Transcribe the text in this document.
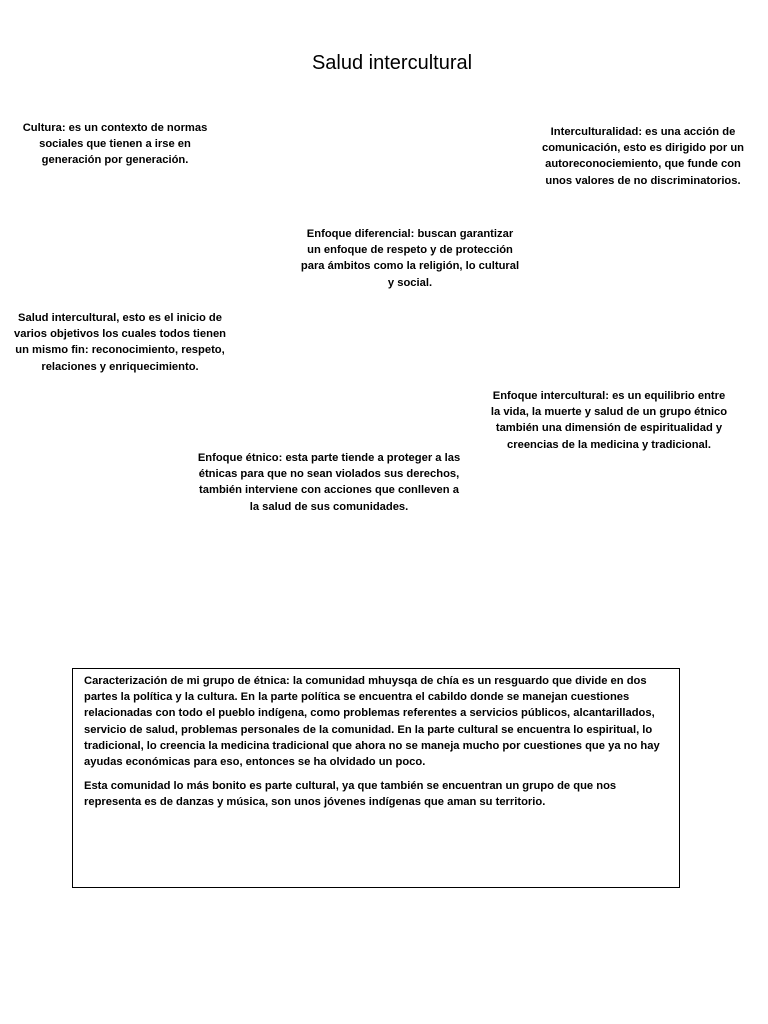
Salud intercultural

Cultura: es un contexto de normas sociales que tienen a irse en generación por generación.

Interculturalidad: es una acción de comunicación, esto es dirigido por un autoreconociemiento, que funde con unos valores de no discriminatorios.

Enfoque diferencial: buscan garantizar un enfoque de respeto y de protección para ámbitos como la religión, lo cultural y social.

Salud intercultural, esto es el inicio de varios objetivos los cuales todos tienen un mismo fin: reconocimiento, respeto, relaciones y enriquecimiento.

Enfoque intercultural: es un equilibrio entre la vida, la muerte y salud de un grupo étnico también una dimensión de espiritualidad y creencias de la medicina y tradicional.

Enfoque étnico: esta parte tiende a proteger a las étnicas para que no sean violados sus derechos, también interviene con acciones que conlleven a la salud de sus comunidades.

Caracterización de mi grupo de étnica: la comunidad mhuysqa de chía es un resguardo que divide en dos partes la política y la cultura. En la parte política se encuentra el cabildo donde se manejan cuestiones relacionadas con todo el pueblo indígena, como problemas referentes a servicios públicos, alcantarillados, servicio de salud, problemas personales de la comunidad. En la parte cultural se encuentra lo espiritual, lo tradicional, lo creencia la medicina tradicional que ahora no se maneja mucho por cuestiones que ya no hay ayudas económicas para eso, entonces se ha olvidado un poco.

Esta comunidad lo más bonito es parte cultural, ya que también se encuentran un grupo de que nos representa es de danzas y música, son unos jóvenes indígenas que aman su territorio.
